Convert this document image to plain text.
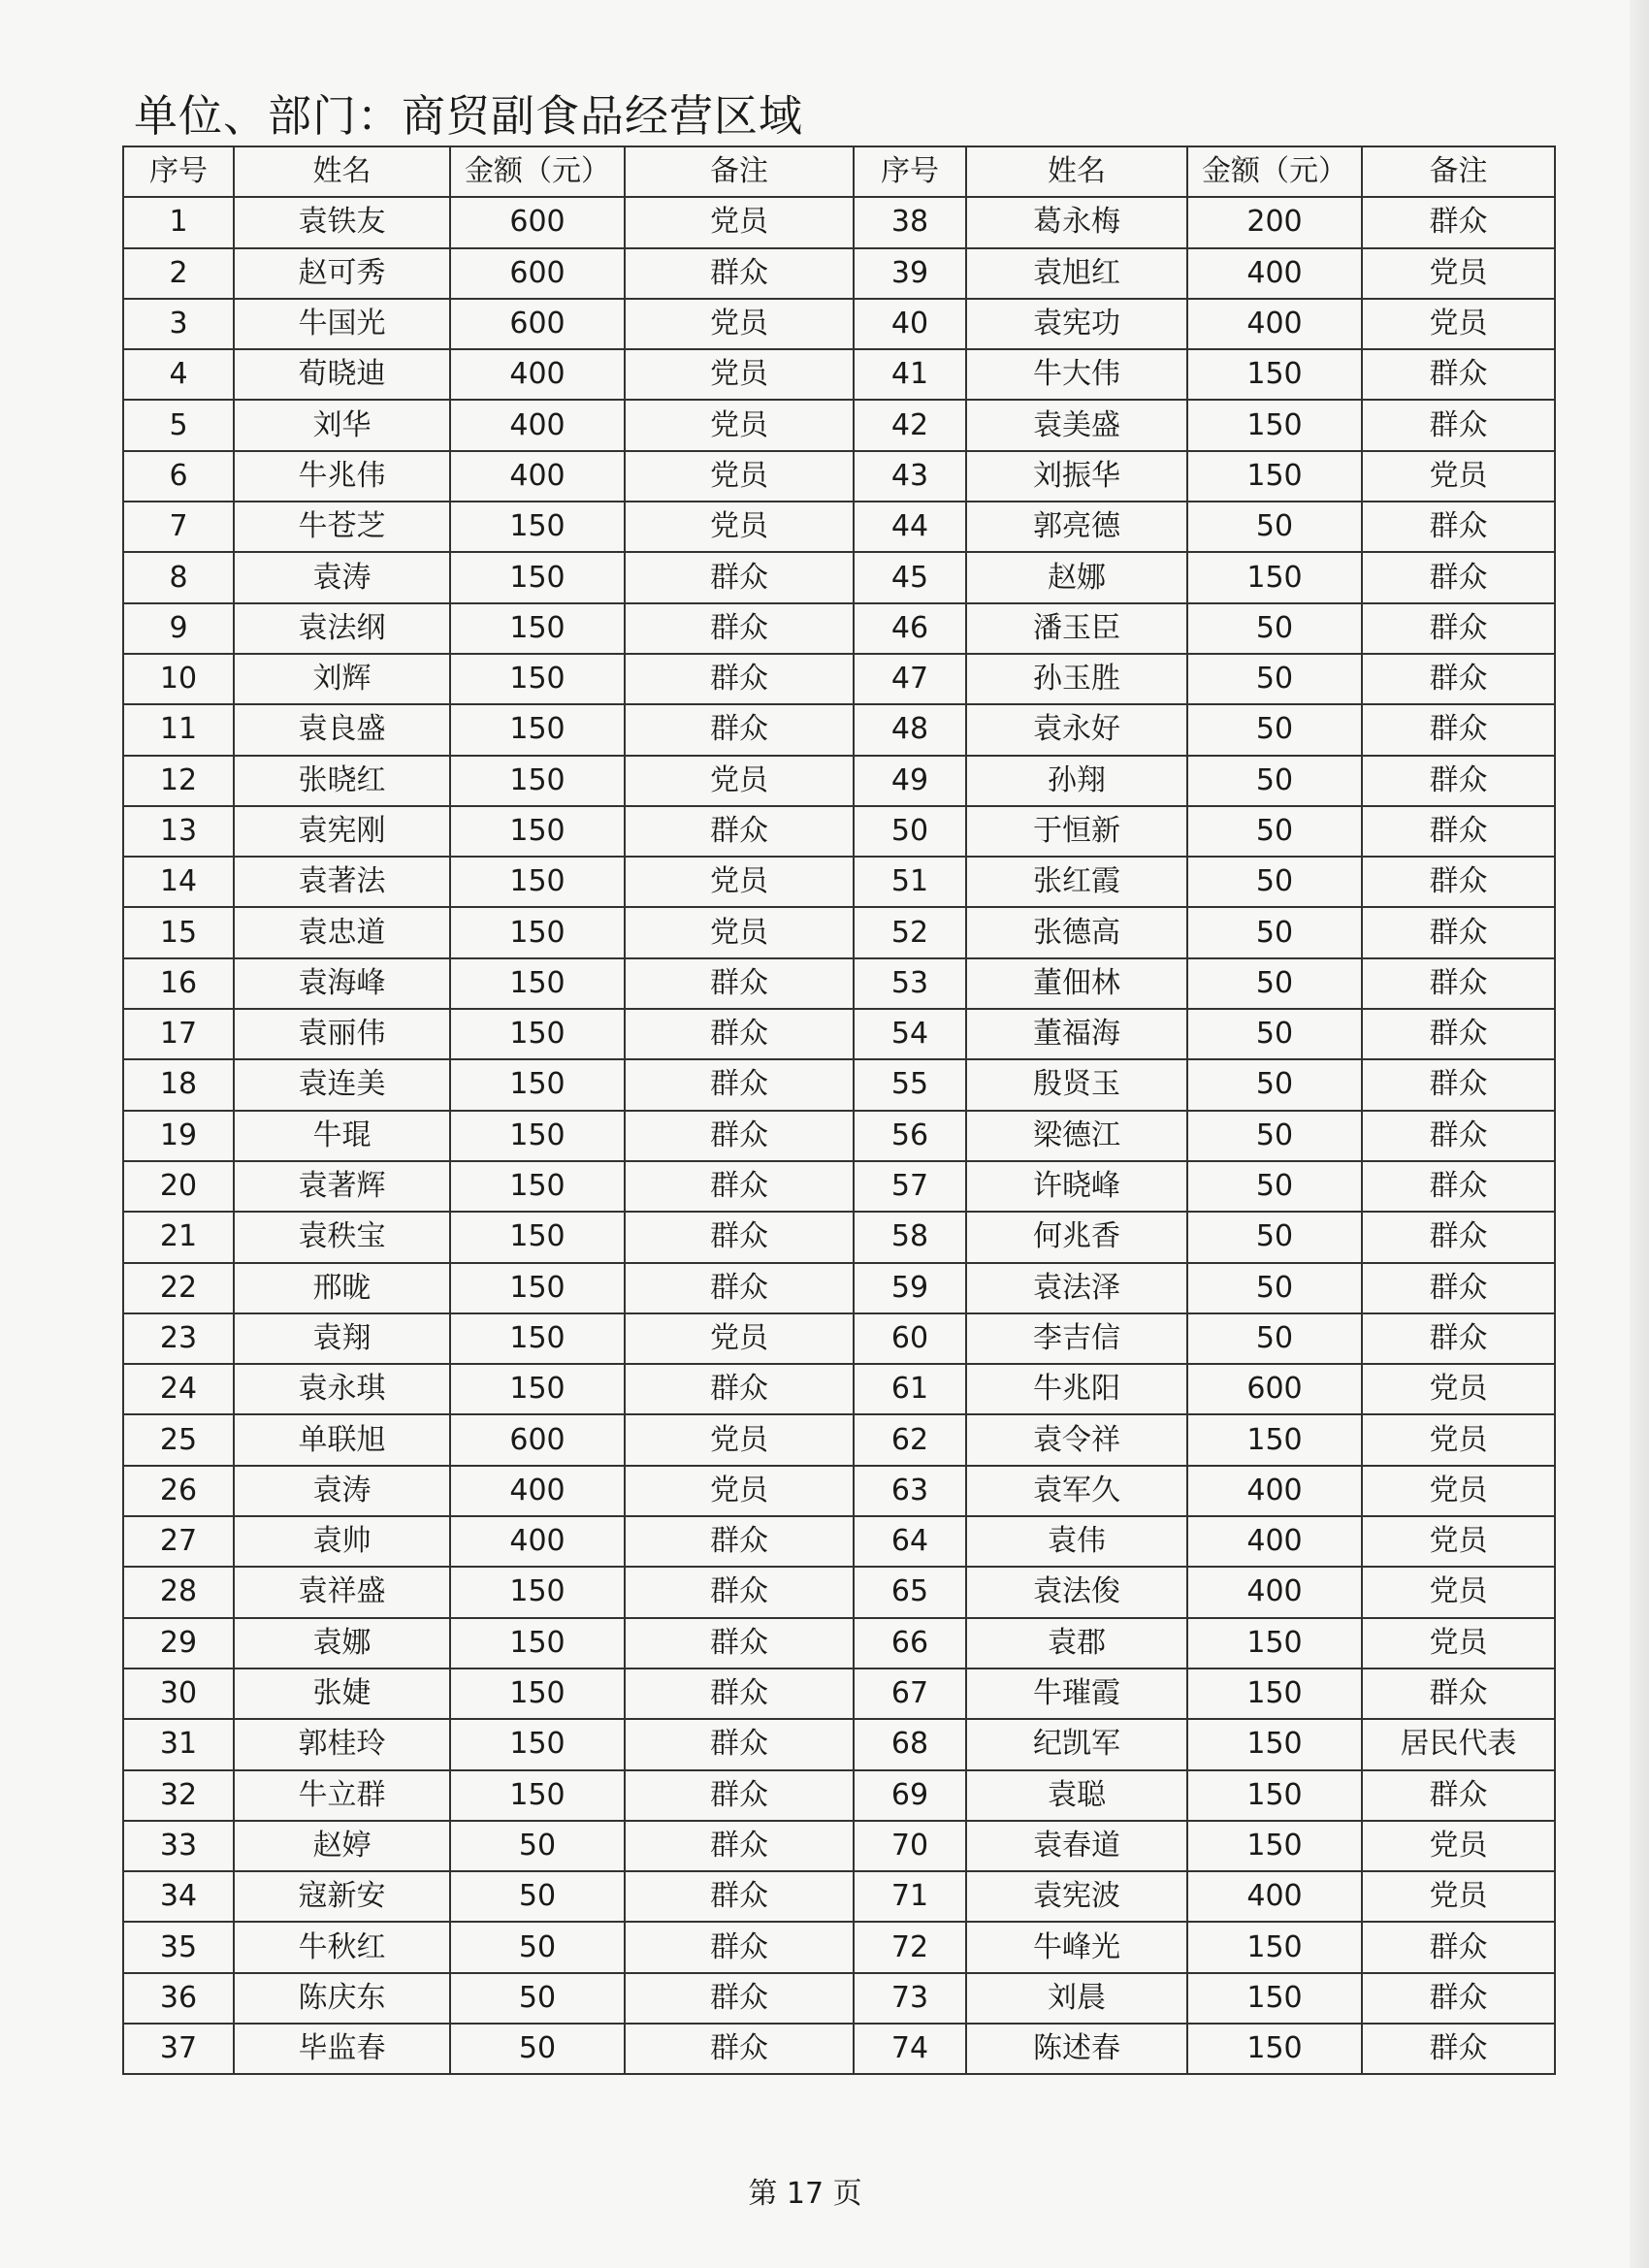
单位、部门：商贸副食品经营区域
序号	姓名	金额（元）	备注	序号	姓名	金额（元）	备注
1	袁铁友	600	党员	38	葛永梅	200	群众
2	赵可秀	600	群众	39	袁旭红	400	党员
3	牛国光	600	党员	40	袁宪功	400	党员
4	荀晓迪	400	党员	41	牛大伟	150	群众
5	刘华	400	党员	42	袁美盛	150	群众
6	牛兆伟	400	党员	43	刘振华	150	党员
7	牛苍芝	150	党员	44	郭亮德	50	群众
8	袁涛	150	群众	45	赵娜	150	群众
9	袁法纲	150	群众	46	潘玉臣	50	群众
10	刘辉	150	群众	47	孙玉胜	50	群众
11	袁良盛	150	群众	48	袁永好	50	群众
12	张晓红	150	党员	49	孙翔	50	群众
13	袁宪刚	150	群众	50	于恒新	50	群众
14	袁著法	150	党员	51	张红霞	50	群众
15	袁忠道	150	党员	52	张德高	50	群众
16	袁海峰	150	群众	53	董佃林	50	群众
17	袁丽伟	150	群众	54	董福海	50	群众
18	袁连美	150	群众	55	殷贤玉	50	群众
19	牛琨	150	群众	56	梁德江	50	群众
20	袁著辉	150	群众	57	许晓峰	50	群众
21	袁秩宝	150	群众	58	何兆香	50	群众
22	邢昽	150	群众	59	袁法泽	50	群众
23	袁翔	150	党员	60	李吉信	50	群众
24	袁永琪	150	群众	61	牛兆阳	600	党员
25	单联旭	600	党员	62	袁令祥	150	党员
26	袁涛	400	党员	63	袁军久	400	党员
27	袁帅	400	群众	64	袁伟	400	党员
28	袁祥盛	150	群众	65	袁法俊	400	党员
29	袁娜	150	群众	66	袁郡	150	党员
30	张婕	150	群众	67	牛璀霞	150	群众
31	郭桂玲	150	群众	68	纪凯军	150	居民代表
32	牛立群	150	群众	69	袁聪	150	群众
33	赵婷	50	群众	70	袁春道	150	党员
34	寇新安	50	群众	71	袁宪波	400	党员
35	牛秋红	50	群众	72	牛峰光	150	群众
36	陈庆东	50	群众	73	刘晨	150	群众
37	毕监春	50	群众	74	陈述春	150	群众
第 17 页
